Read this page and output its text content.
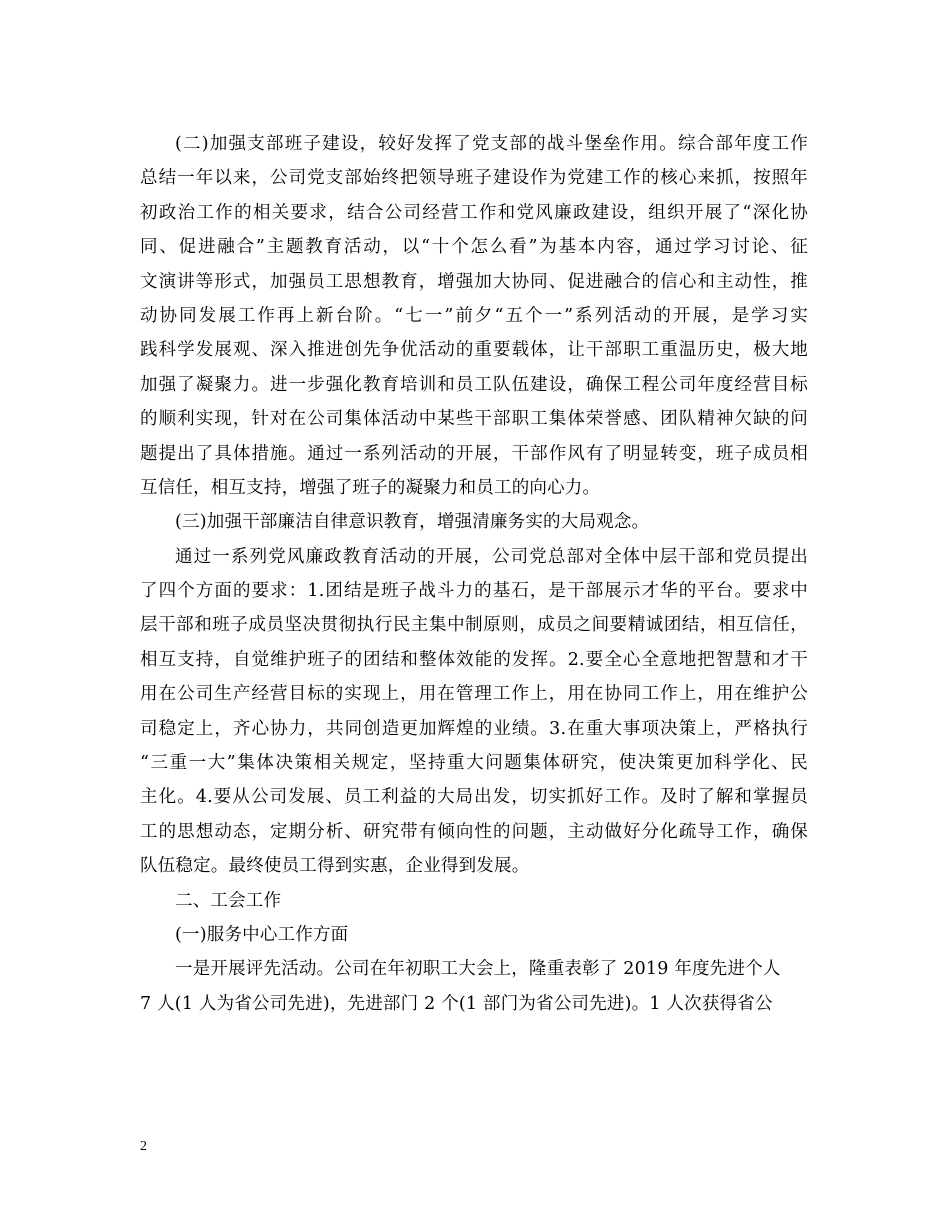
(二)加强支部班子建设，较好发挥了党支部的战斗堡垒作用。综合部年度工作
总结一年以来，公司党支部始终把领导班子建设作为党建工作的核心来抓，按照年
初政治工作的相关要求，结合公司经营工作和党风廉政建设，组织开展了“深化协
同、促进融合”主题教育活动，以“十个怎么看”为基本内容，通过学习讨论、征
文演讲等形式，加强员工思想教育，增强加大协同、促进融合的信心和主动性，推
动协同发展工作再上新台阶。“七一”前夕“五个一”系列活动的开展，是学习实
践科学发展观、深入推进创先争优活动的重要载体，让干部职工重温历史，极大地
加强了凝聚力。进一步强化教育培训和员工队伍建设，确保工程公司年度经营目标
的顺利实现，针对在公司集体活动中某些干部职工集体荣誉感、团队精神欠缺的问
题提出了具体措施。通过一系列活动的开展，干部作风有了明显转变，班子成员相
互信任，相互支持，增强了班子的凝聚力和员工的向心力。
(三)加强干部廉洁自律意识教育，增强清廉务实的大局观念。
通过一系列党风廉政教育活动的开展，公司党总部对全体中层干部和党员提出
了四个方面的要求：1.团结是班子战斗力的基石，是干部展示才华的平台。要求中
层干部和班子成员坚决贯彻执行民主集中制原则，成员之间要精诚团结，相互信任，
相互支持，自觉维护班子的团结和整体效能的发挥。2.要全心全意地把智慧和才干
用在公司生产经营目标的实现上，用在管理工作上，用在协同工作上，用在维护公
司稳定上，齐心协力，共同创造更加辉煌的业绩。3.在重大事项决策上，严格执行
“三重一大”集体决策相关规定，坚持重大问题集体研究，使决策更加科学化、民
主化。4.要从公司发展、员工利益的大局出发，切实抓好工作。及时了解和掌握员
工的思想动态，定期分析、研究带有倾向性的问题，主动做好分化疏导工作，确保
队伍稳定。最终使员工得到实惠，企业得到发展。
二、工会工作
(一)服务中心工作方面
一是开展评先活动。公司在年初职工大会上，隆重表彰了 2019 年度先进个人
7 人(1 人为省公司先进)，先进部门 2 个(1 部门为省公司先进)。1 人次获得省公
2
